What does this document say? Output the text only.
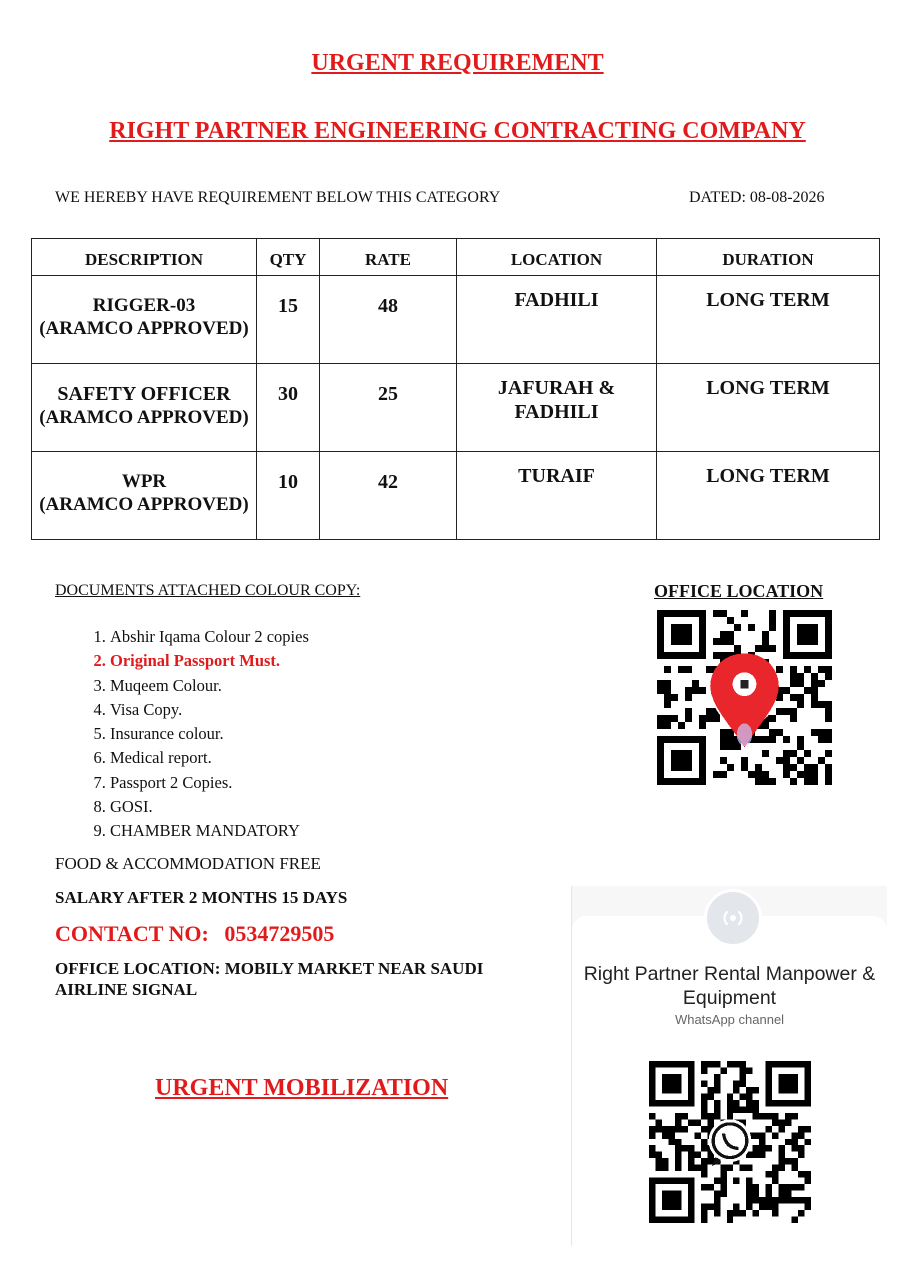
URGENT REQUIREMENT
RIGHT PARTNER ENGINEERING CONTRACTING COMPANY
WE HEREBY HAVE REQUIREMENT BELOW THIS CATEGORY	DATED: 08-08-2026
DESCRIPTION	QTY	RATE	LOCATION	DURATION

RIGGER-03
(ARAMCO APPROVED)	15	48	FADHILI	LONG TERM
SAFETY OFFICER
(ARAMCO APPROVED)	30	25	JAFURAH & FADHILI	LONG TERM

WPR
(ARAMCO APPROVED)	10	42	TURAIF	LONG TERM
DOCUMENTS ATTACHED COLOUR COPY:
1. Abshir Iqama Colour 2 copies
2. Original Passport Must.
3. Muqeem Colour.
4. Visa Copy.
5. Insurance colour.
6. Medical report.
7. Passport 2 Copies.
8. GOSI.
9. CHAMBER MANDATORY
FOOD & ACCOMMODATION FREE
SALARY AFTER 2 MONTHS 15 DAYS
CONTACT NO: 0534729505
OFFICE LOCATION: MOBILY MARKET NEAR SAUDI AIRLINE SIGNAL
URGENT MOBILIZATION
OFFICE LOCATION
Right Partner Rental Manpower & Equipment
WhatsApp channel
